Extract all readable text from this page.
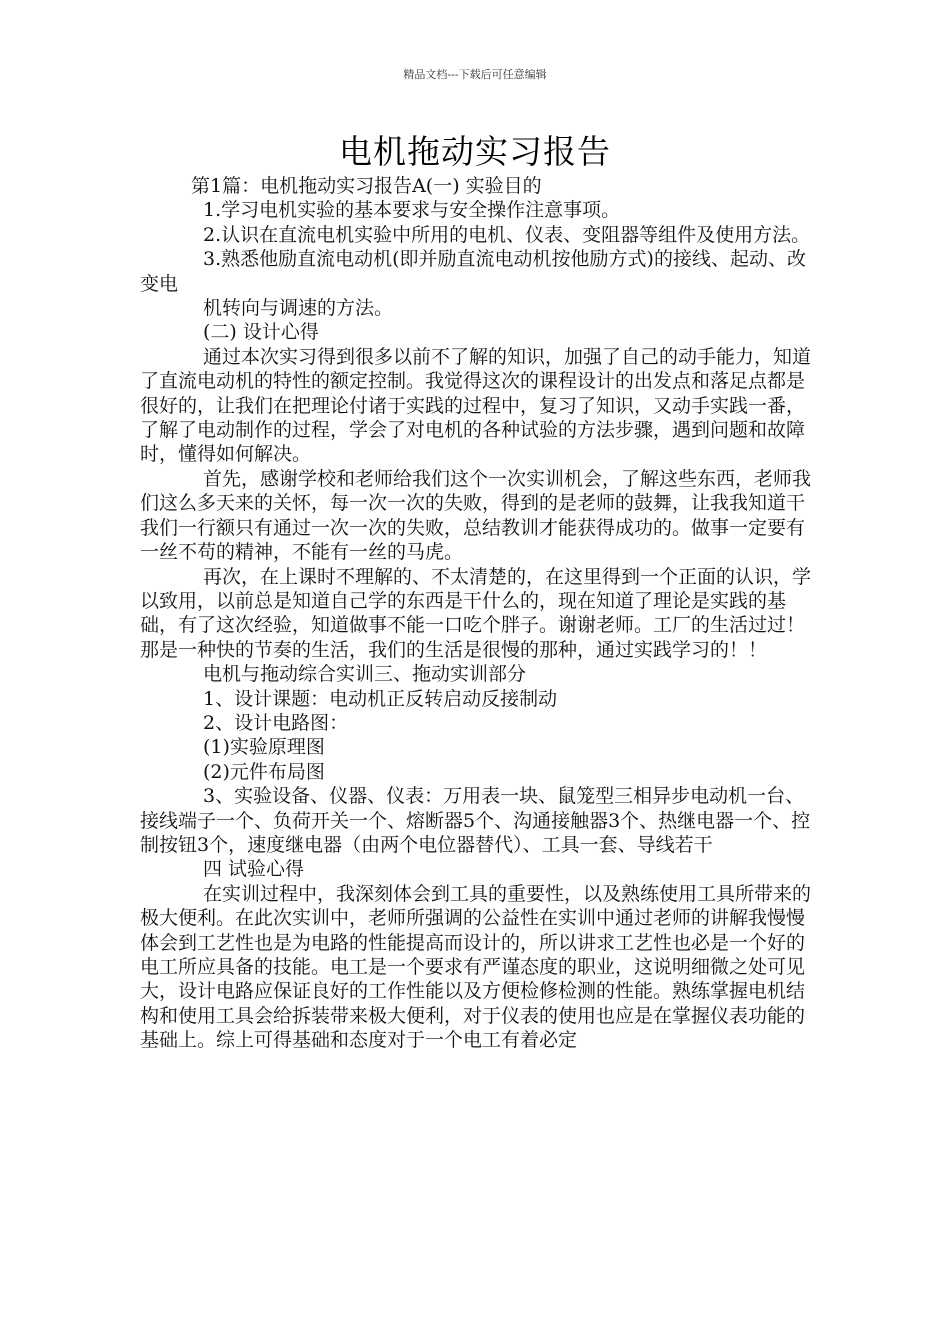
精品文档---下载后可任意编辑
电机拖动实习报告

第1篇：电机拖动实习报告A(一) 实验目的

1.学习电机实验的基本要求与安全操作注意事项。

2.认识在直流电机实验中所用的电机、仪表、变阻器等组件及使用方法。

3.熟悉他励直流电动机(即并励直流电动机按他励方式)的接线、起动、改变电

机转向与调速的方法。

(二) 设计心得

通过本次实习得到很多以前不了解的知识，加强了自己的动手能力，知道了直流电动机的特性的额定控制。我觉得这次的课程设计的出发点和落足点都是很好的，让我们在把理论付诸于实践的过程中，复习了知识，又动手实践一番，了解了电动制作的过程，学会了对电机的各种试验的方法步骤，遇到问题和故障时，懂得如何解决。

首先，感谢学校和老师给我们这个一次实训机会，了解这些东西，老师我们这么多天来的关怀，每一次一次的失败，得到的是老师的鼓舞，让我我知道干我们一行额只有通过一次一次的失败，总结教训才能获得成功的。做事一定要有一丝不苟的精神，不能有一丝的马虎。

再次，在上课时不理解的、不太清楚的，在这里得到一个正面的认识，学以致用，以前总是知道自己学的东西是干什么的，现在知道了理论是实践的基础，有了这次经验，知道做事不能一口吃个胖子。谢谢老师。工厂的生活过过！那是一种快的节奏的生活，我们的生活是很慢的那种，通过实践学习的！！

电机与拖动综合实训三、拖动实训部分

1、设计课题：电动机正反转启动反接制动

2、设计电路图：

(1)实验原理图

(2)元件布局图

3、实验设备、仪器、仪表：万用表一块、鼠笼型三相异步电动机一台、接线端子一个、负荷开关一个、熔断器5个、沟通接触器3个、热继电器一个、控制按钮3个，速度继电器（由两个电位器替代）、工具一套、导线若干

四 试验心得

在实训过程中，我深刻体会到工具的重要性，以及熟练使用工具所带来的极大便利。在此次实训中，老师所强调的公益性在实训中通过老师的讲解我慢慢体会到工艺性也是为电路的性能提高而设计的，所以讲求工艺性也必是一个好的电工所应具备的技能。电工是一个要求有严谨态度的职业，这说明细微之处可见大，设计电路应保证良好的工作性能以及方便检修检测的性能。熟练掌握电机结构和使用工具会给拆装带来极大便利，对于仪表的使用也应是在掌握仪表功能的基础上。综上可得基础和态度对于一个电工有着必定
